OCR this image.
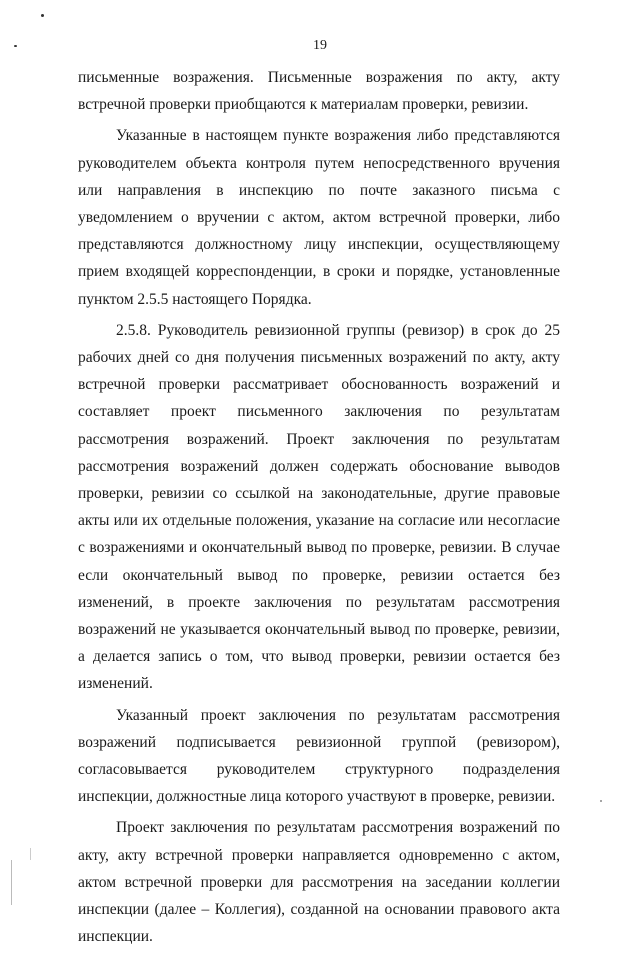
19

письменные возражения. Письменные возражения по акту, акту встречной проверки приобщаются к материалам проверки, ревизии.

Указанные в настоящем пункте возражения либо представляются руководителем объекта контроля путем непосредственного вручения или направления в инспекцию по почте заказного письма с уведомлением о вручении с актом, актом встречной проверки, либо представляются должностному лицу инспекции, осуществляющему прием входящей корреспонденции, в сроки и порядке, установленные пунктом 2.5.5 настоящего Порядка.

2.5.8. Руководитель ревизионной группы (ревизор) в срок до 25 рабочих дней со дня получения письменных возражений по акту, акту встречной проверки рассматривает обоснованность возражений и составляет проект письменного заключения по результатам рассмотрения возражений. Проект заключения по результатам рассмотрения возражений должен содержать обоснование выводов проверки, ревизии со ссылкой на законодательные, другие правовые акты или их отдельные положения, указание на согласие или несогласие с возражениями и окончательный вывод по проверке, ревизии. В случае если окончательный вывод по проверке, ревизии остается без изменений, в проекте заключения по результатам рассмотрения возражений не указывается окончательный вывод по проверке, ревизии, а делается запись о том, что вывод проверки, ревизии остается без изменений.

Указанный проект заключения по результатам рассмотрения возражений подписывается ревизионной группой (ревизором), согласовывается руководителем структурного подразделения инспекции, должностные лица которого участвуют в проверке, ревизии.

Проект заключения по результатам рассмотрения возражений по акту, акту встречной проверки направляется одновременно с актом, актом встречной проверки для рассмотрения на заседании коллегии инспекции (далее – Коллегия), созданной на основании правового акта инспекции.
